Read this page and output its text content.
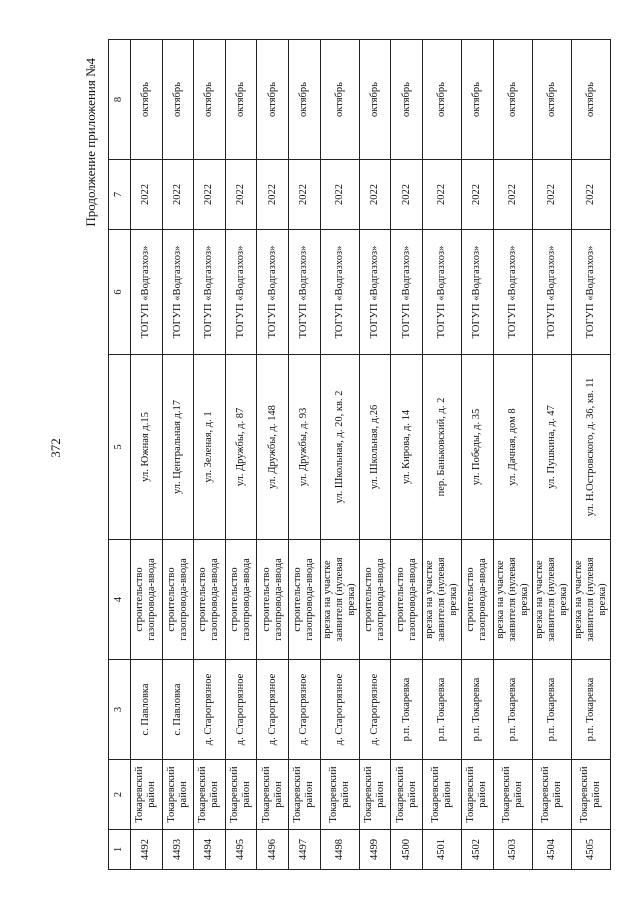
372
Продолжение приложения №4
1	2	3	4	5	6	7	8
4492	Токаревский район	с. Павловка	строительство газопровода-ввода	ул. Южная д.15	ТОГУП «Водгазхоз»	2022	октябрь
4493	Токаревский район	с. Павловка	строительство газопровода-ввода	ул. Центральная д.17	ТОГУП «Водгазхоз»	2022	октябрь
4494	Токаревский район	д. Старогрязное	строительство газопровода-ввода	ул. Зеленая, д. 1	ТОГУП «Водгазхоз»	2022	октябрь
4495	Токаревский район	д. Старогрязное	строительство газопровода-ввода	ул. Дружбы, д. 87	ТОГУП «Водгазхоз»	2022	октябрь
4496	Токаревский район	д. Старогрязное	строительство газопровода-ввода	ул. Дружбы, д. 148	ТОГУП «Водгазхоз»	2022	октябрь
4497	Токаревский район	д. Старогрязное	строительство газопровода-ввода	ул. Дружбы, д. 93	ТОГУП «Водгазхоз»	2022	октябрь
4498	Токаревский район	д. Старогрязное	врезка на участке заявителя (нулевая врезка)	ул. Школьная, д. 20, кв. 2	ТОГУП «Водгазхоз»	2022	октябрь
4499	Токаревский район	д. Старогрязное	строительство газопровода-ввода	ул. Школьная, д.26	ТОГУП «Водгазхоз»	2022	октябрь
4500	Токаревский район	р.п. Токаревка	строительство газопровода-ввода	ул. Кирова, д. 14	ТОГУП «Водгазхоз»	2022	октябрь
4501	Токаревский район	р.п. Токаревка	врезка на участке заявителя (нулевая врезка)	пер. Баньковский, д. 2	ТОГУП «Водгазхоз»	2022	октябрь
4502	Токаревский район	р.п. Токаревка	строительство газопровода-ввода	ул. Победы, д. 35	ТОГУП «Водгазхоз»	2022	октябрь
4503	Токаревский район	р.п. Токаревка	врезка на участке заявителя (нулевая врезка)	ул. Дачная, дом 8	ТОГУП «Водгазхоз»	2022	октябрь
4504	Токаревский район	р.п. Токаревка	врезка на участке заявителя (нулевая врезка)	ул. Пушкина, д. 47	ТОГУП «Водгазхоз»	2022	октябрь
4505	Токаревский район	р.п. Токаревка	врезка на участке заявителя (нулевая врезка)	ул. Н.Островского, д. 36, кв. 11	ТОГУП «Водгазхоз»	2022	октябрь
